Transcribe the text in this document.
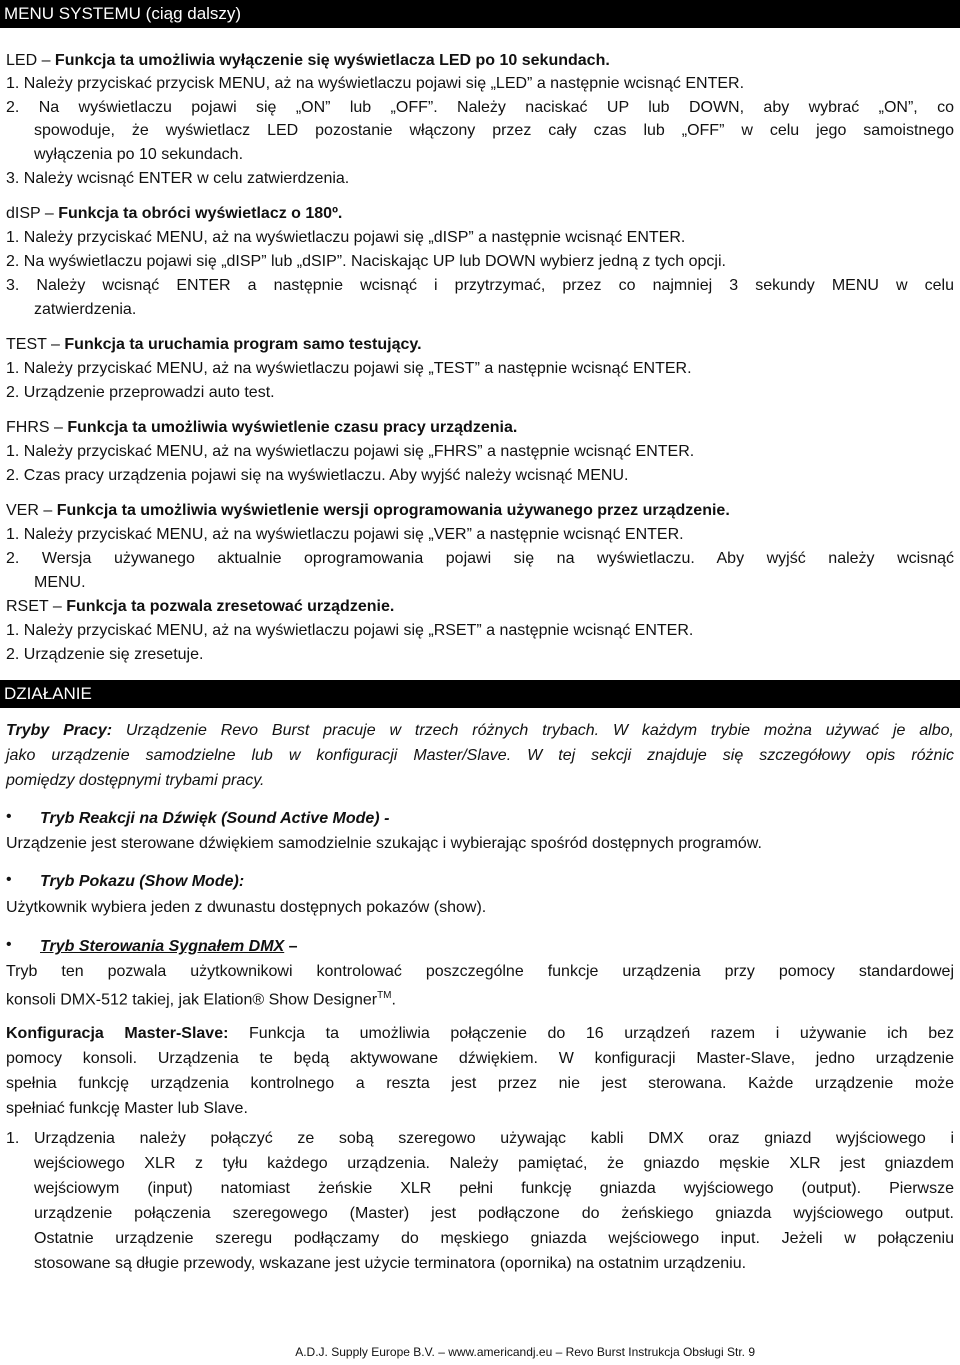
MENU SYSTEMU (ciąg dalszy)
LED – Funkcja ta umożliwia wyłączenie się wyświetlacza LED po 10 sekundach.
1. Należy przyciskać przycisk MENU, aż na wyświetlaczu pojawi się „LED” a następnie wcisnąć ENTER.
2. Na wyświetlaczu pojawi się „ON” lub „OFF”. Należy naciskać UP lub DOWN, aby wybrać „ON”, co
spowoduje, że wyświetlacz LED pozostanie włączony przez cały czas lub „OFF” w celu jego samoistnego
wyłączenia po 10 sekundach.
3. Należy wcisnąć ENTER w celu zatwierdzenia.
dISP – Funkcja ta obróci wyświetlacz o 180º.
1. Należy przyciskać MENU, aż na wyświetlaczu pojawi się „dISP” a następnie wcisnąć ENTER.
2. Na wyświetlaczu pojawi się „dISP” lub „dSIP”. Naciskając UP lub DOWN wybierz jedną z tych opcji.
3. Należy wcisnąć ENTER a następnie wcisnąć i przytrzymać, przez co najmniej 3 sekundy MENU w celu
zatwierdzenia.
TEST – Funkcja ta uruchamia program samo testujący.
1. Należy przyciskać MENU, aż na wyświetlaczu pojawi się „TEST” a następnie wcisnąć ENTER.
2. Urządzenie przeprowadzi auto test.
FHRS – Funkcja ta umożliwia wyświetlenie czasu pracy urządzenia.
1. Należy przyciskać MENU, aż na wyświetlaczu pojawi się „FHRS” a następnie wcisnąć ENTER.
2. Czas pracy urządzenia pojawi się na wyświetlaczu. Aby wyjść należy wcisnąć MENU.
VER – Funkcja ta umożliwia wyświetlenie wersji oprogramowania używanego przez urządzenie.
1. Należy przyciskać MENU, aż na wyświetlaczu pojawi się „VER” a następnie wcisnąć ENTER.
2. Wersja używanego aktualnie oprogramowania pojawi się na wyświetlaczu. Aby wyjść należy wcisnąć
MENU.
RSET – Funkcja ta pozwala zresetować urządzenie.
1. Należy przyciskać MENU, aż na wyświetlaczu pojawi się „RSET” a następnie wcisnąć ENTER.
2. Urządzenie się zresetuje.
DZIAŁANIE
Tryby Pracy: Urządzenie Revo Burst pracuje w trzech różnych trybach. W każdym trybie można używać je albo,
jako urządzenie samodzielne lub w konfiguracji Master/Slave. W tej sekcji znajduje się szczegółowy opis różnic
pomiędzy dostępnymi trybami pracy.
• Tryb Reakcji na Dźwięk (Sound Active Mode) -
Urządzenie jest sterowane dźwiękiem samodzielnie szukając i wybierając spośród dostępnych programów.
• Tryb Pokazu (Show Mode):
Użytkownik wybiera jeden z dwunastu dostępnych pokazów (show).
• Tryb Sterowania Sygnałem DMX –
Tryb ten pozwala użytkownikowi kontrolować poszczególne funkcje urządzenia przy pomocy standardowej
konsoli DMX-512 takiej, jak Elation® Show Designer™.
Konfiguracja Master-Slave: Funkcja ta umożliwia połączenie do 16 urządzeń razem i używanie ich bez
pomocy konsoli. Urządzenia te będą aktywowane dźwiękiem. W konfiguracji Master-Slave, jedno urządzenie
spełnia funkcję urządzenia kontrolnego a reszta jest przez nie jest sterowana. Każde urządzenie może
spełniać funkcję Master lub Slave.
1. Urządzenia należy połączyć ze sobą szeregowo używając kabli DMX oraz gniazd wyjściowego i
wejściowego XLR z tyłu każdego urządzenia. Należy pamiętać, że gniazdo męskie XLR jest gniazdem
wejściowym (input) natomiast żeńskie XLR pełni funkcję gniazda wyjściowego (output). Pierwsze
urządzenie połączenia szeregowego (Master) jest podłączone do żeńskiego gniazda wyjściowego output.
Ostatnie urządzenie szeregu podłączamy do męskiego gniazda wejściowego input. Jeżeli w połączeniu
stosowane są długie przewody, wskazane jest użycie terminatora (opornika) na ostatnim urządzeniu.
A.D.J. Supply Europe B.V. – www.americandj.eu – Revo Burst Instrukcja Obsługi Str. 9
